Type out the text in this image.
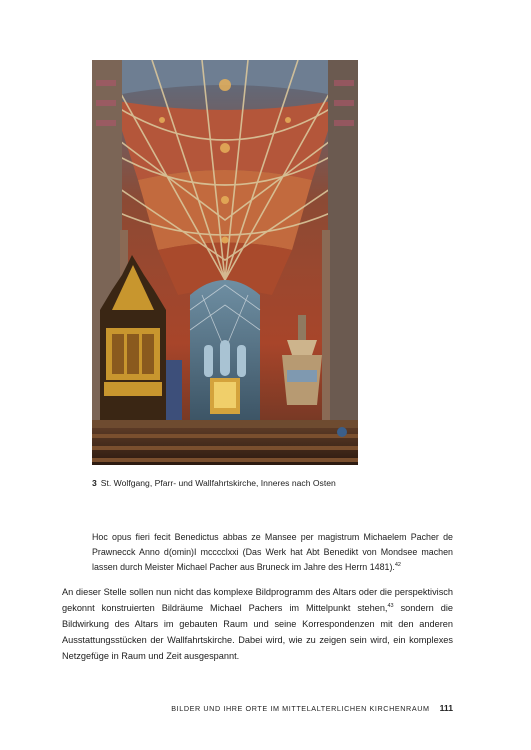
3 St. Wolfgang, Pfarr- und Wallfahrtskirche, Inneres nach Osten
Hoc opus fieri fecit Benedictus abbas ze Mansee per magistrum Michaelem Pacher de Prawnecck Anno d(omin)I mcccclxxi (Das Werk hat Abt Benedikt von Mondsee machen lassen durch Meister Michael Pacher aus Bruneck im Jahre des Herrn 1481).$^{42}$
An dieser Stelle sollen nun nicht das komplexe Bildprogramm des Altars oder die perspektivisch gekonnt konstruierten Bildräume Michael Pachers im Mittelpunkt stehen,$^{43}$ sondern die Bildwirkung des Altars im gebauten Raum und seine Korrespondenzen mit den anderen Ausstattungsstücken der Wallfahrtskirche. Dabei wird, wie zu zeigen sein wird, ein komplexes Netzgefüge in Raum und Zeit ausgespannt.
BILDER UND IHRE ORTE IM MITTELALTERLICHEN KIRCHENRAUM 111
